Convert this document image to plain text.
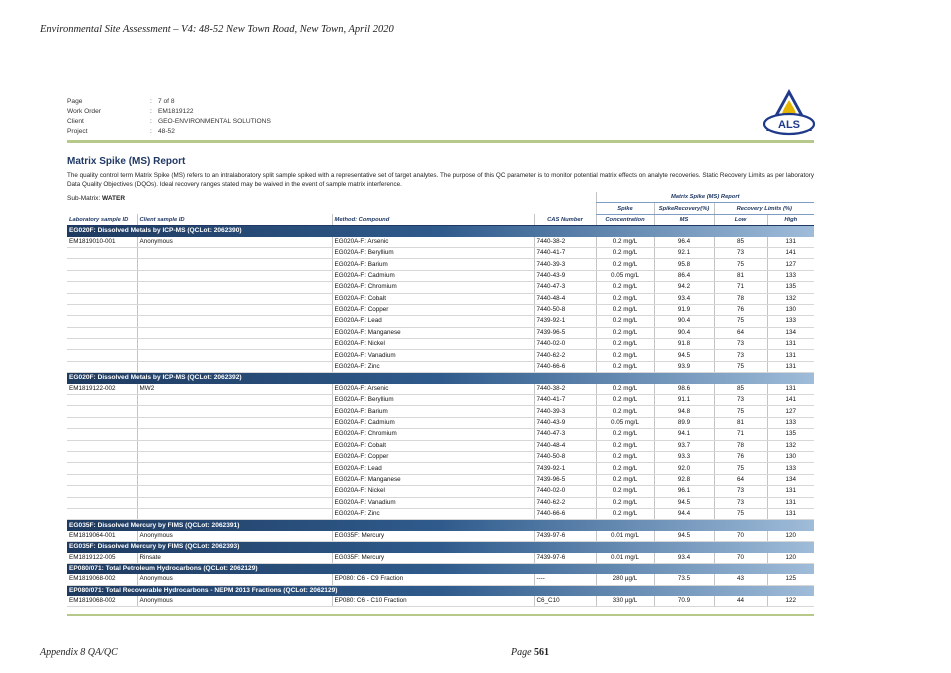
Environmental Site Assessment – V4: 48-52 New Town Road, New Town, April 2020
Page	: 7 of 8
Work Order	: EM1819122
Client	: GEO-ENVIRONMENTAL SOLUTIONS
Project	: 48-52
ALS
Matrix Spike (MS) Report
The quality control term Matrix Spike (MS) refers to an intralaboratory split sample spiked with a representative set of target analytes. The purpose of this QC parameter is to monitor potential matrix effects on analyte recoveries. Static Recovery Limits as per laboratory Data Quality Objectives (DQOs). Ideal recovery ranges stated may be waived in the event of sample matrix interference.
Sub-Matrix: WATER
				Matrix Spike (MS) Report			
				Spike	SpikeRecovery(%)	Recovery Limits (%)	
Laboratory sample ID	Client sample ID	Method: Compound	CAS Number	Concentration	MS	Low	High
EG020F: Dissolved Metals by ICP-MS (QCLot: 2062390)							
EM1819010-001	Anonymous	EG020A-F: Arsenic	7440-38-2	0.2 mg/L	96.4	85	131
		EG020A-F: Beryllium	7440-41-7	0.2 mg/L	92.1	73	141
		EG020A-F: Barium	7440-39-3	0.2 mg/L	95.8	75	127
		EG020A-F: Cadmium	7440-43-9	0.05 mg/L	86.4	81	133
		EG020A-F: Chromium	7440-47-3	0.2 mg/L	94.2	71	135
		EG020A-F: Cobalt	7440-48-4	0.2 mg/L	93.4	78	132
		EG020A-F: Copper	7440-50-8	0.2 mg/L	91.9	76	130
		EG020A-F: Lead	7439-92-1	0.2 mg/L	90.4	75	133
		EG020A-F: Manganese	7439-96-5	0.2 mg/L	90.4	64	134
		EG020A-F: Nickel	7440-02-0	0.2 mg/L	91.8	73	131
		EG020A-F: Vanadium	7440-62-2	0.2 mg/L	94.5	73	131
		EG020A-F: Zinc	7440-66-6	0.2 mg/L	93.9	75	131
EG020F: Dissolved Metals by ICP-MS (QCLot: 2062392)							
EM1819122-002	MW2	EG020A-F: Arsenic	7440-38-2	0.2 mg/L	98.6	85	131
		EG020A-F: Beryllium	7440-41-7	0.2 mg/L	91.1	73	141
		EG020A-F: Barium	7440-39-3	0.2 mg/L	94.8	75	127
		EG020A-F: Cadmium	7440-43-9	0.05 mg/L	89.9	81	133
		EG020A-F: Chromium	7440-47-3	0.2 mg/L	94.1	71	135
		EG020A-F: Cobalt	7440-48-4	0.2 mg/L	93.7	78	132
		EG020A-F: Copper	7440-50-8	0.2 mg/L	93.3	76	130
		EG020A-F: Lead	7439-92-1	0.2 mg/L	92.0	75	133
		EG020A-F: Manganese	7439-96-5	0.2 mg/L	92.8	64	134
		EG020A-F: Nickel	7440-02-0	0.2 mg/L	96.1	73	131
		EG020A-F: Vanadium	7440-62-2	0.2 mg/L	94.5	73	131
		EG020A-F: Zinc	7440-66-6	0.2 mg/L	94.4	75	131
EG035F: Dissolved Mercury by FIMS (QCLot: 2062391)							
EM1819064-001	Anonymous	EG035F: Mercury	7439-97-6	0.01 mg/L	94.5	70	120
EG035F: Dissolved Mercury by FIMS (QCLot: 2062393)							
EM1819122-005	Rinsate	EG035F: Mercury	7439-97-6	0.01 mg/L	93.4	70	120
EP080/071: Total Petroleum Hydrocarbons (QCLot: 2062129)							
EM1819068-002	Anonymous	EP080: C6 - C9 Fraction	----	280 µg/L	73.5	43	125
EP080/071: Total Recoverable Hydrocarbons - NEPM 2013 Fractions (QCLot: 2062129)							
EM1819068-002	Anonymous	EP080: C6 - C10 Fraction	C6_C10	330 µg/L	70.9	44	122
Appendix 8 QA/QC	Page 561
